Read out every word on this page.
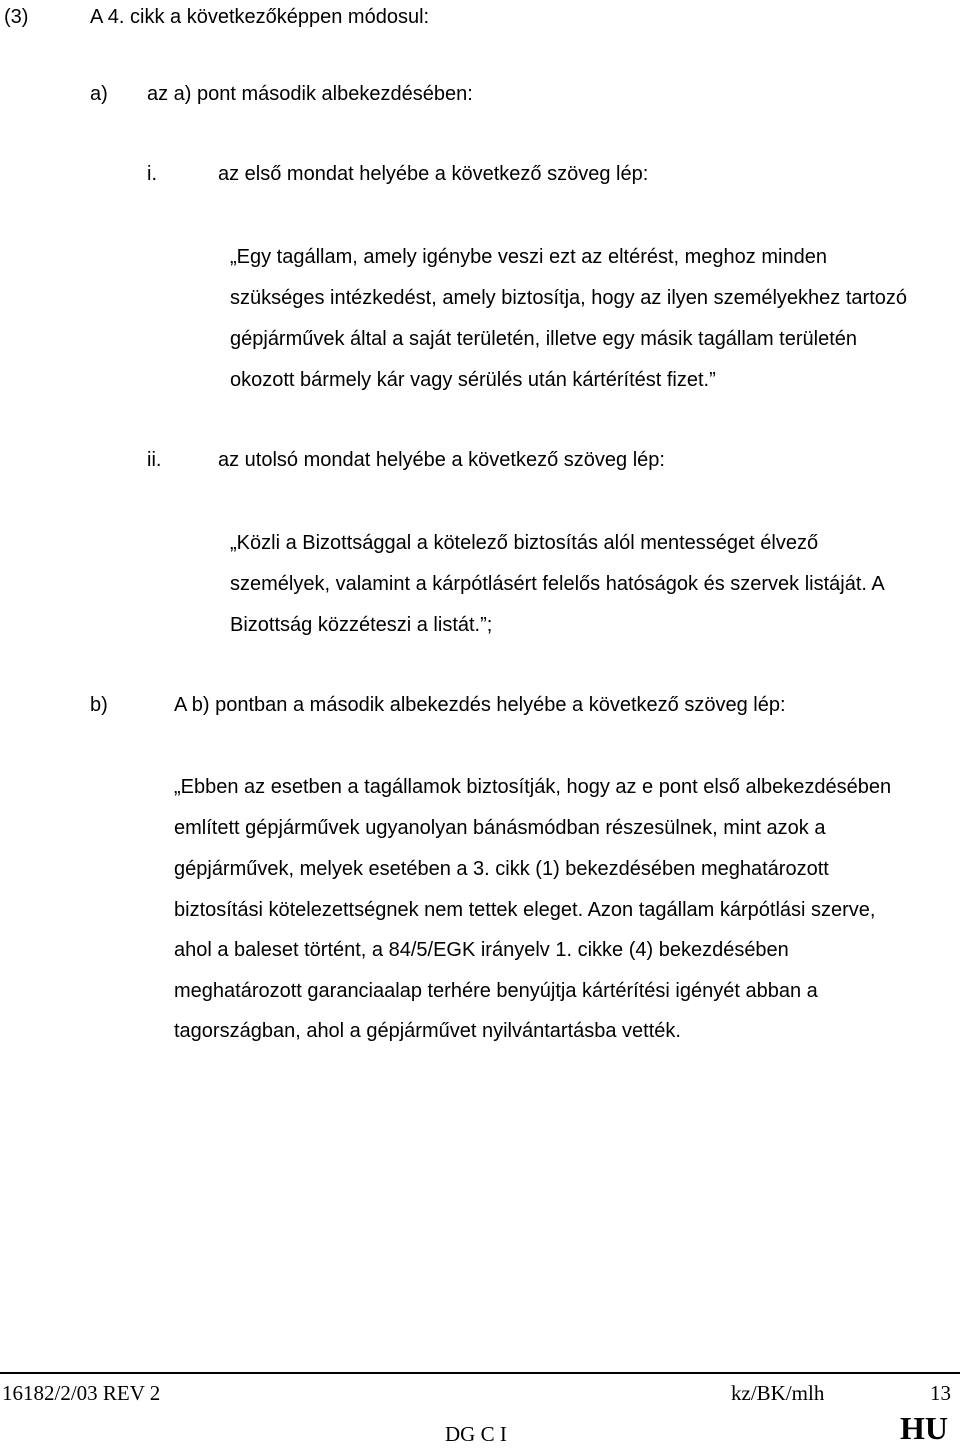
(3)	A 4. cikk a következőképpen módosul:
a) az a) pont második albekezdésében:
i.	az első mondat helyébe a következő szöveg lép:
„Egy tagállam, amely igénybe veszi ezt az eltérést, meghoz minden
szükséges intézkedést, amely biztosítja, hogy az ilyen személyekhez tartozó
gépjárművek által a saját területén, illetve egy másik tagállam területén
okozott bármely kár vagy sérülés után kártérítést fizet.”
ii.	az utolsó mondat helyébe a következő szöveg lép:
„Közli a Bizottsággal a kötelező biztosítás alól mentességet élvező
személyek, valamint a kárpótlásért felelős hatóságok és szervek listáját. A
Bizottság közzéteszi a listát.”;
b)	A b) pontban a második albekezdés helyébe a következő szöveg lép:
„Ebben az esetben a tagállamok biztosítják, hogy az e pont első albekezdésében
említett gépjárművek ugyanolyan bánásmódban részesülnek, mint azok a
gépjárművek, melyek esetében a 3. cikk (1) bekezdésében meghatározott
biztosítási kötelezettségnek nem tettek eleget. Azon tagállam kárpótlási szerve,
ahol a baleset történt, a 84/5/EGK irányelv 1. cikke (4) bekezdésében
meghatározott garanciaalap terhére benyújtja kártérítési igényét abban a
tagországban, ahol a gépjárművet nyilvántartásba vették.
16182/2/03 REV 2	kz/BK/mlh	13
DG C I	HU
